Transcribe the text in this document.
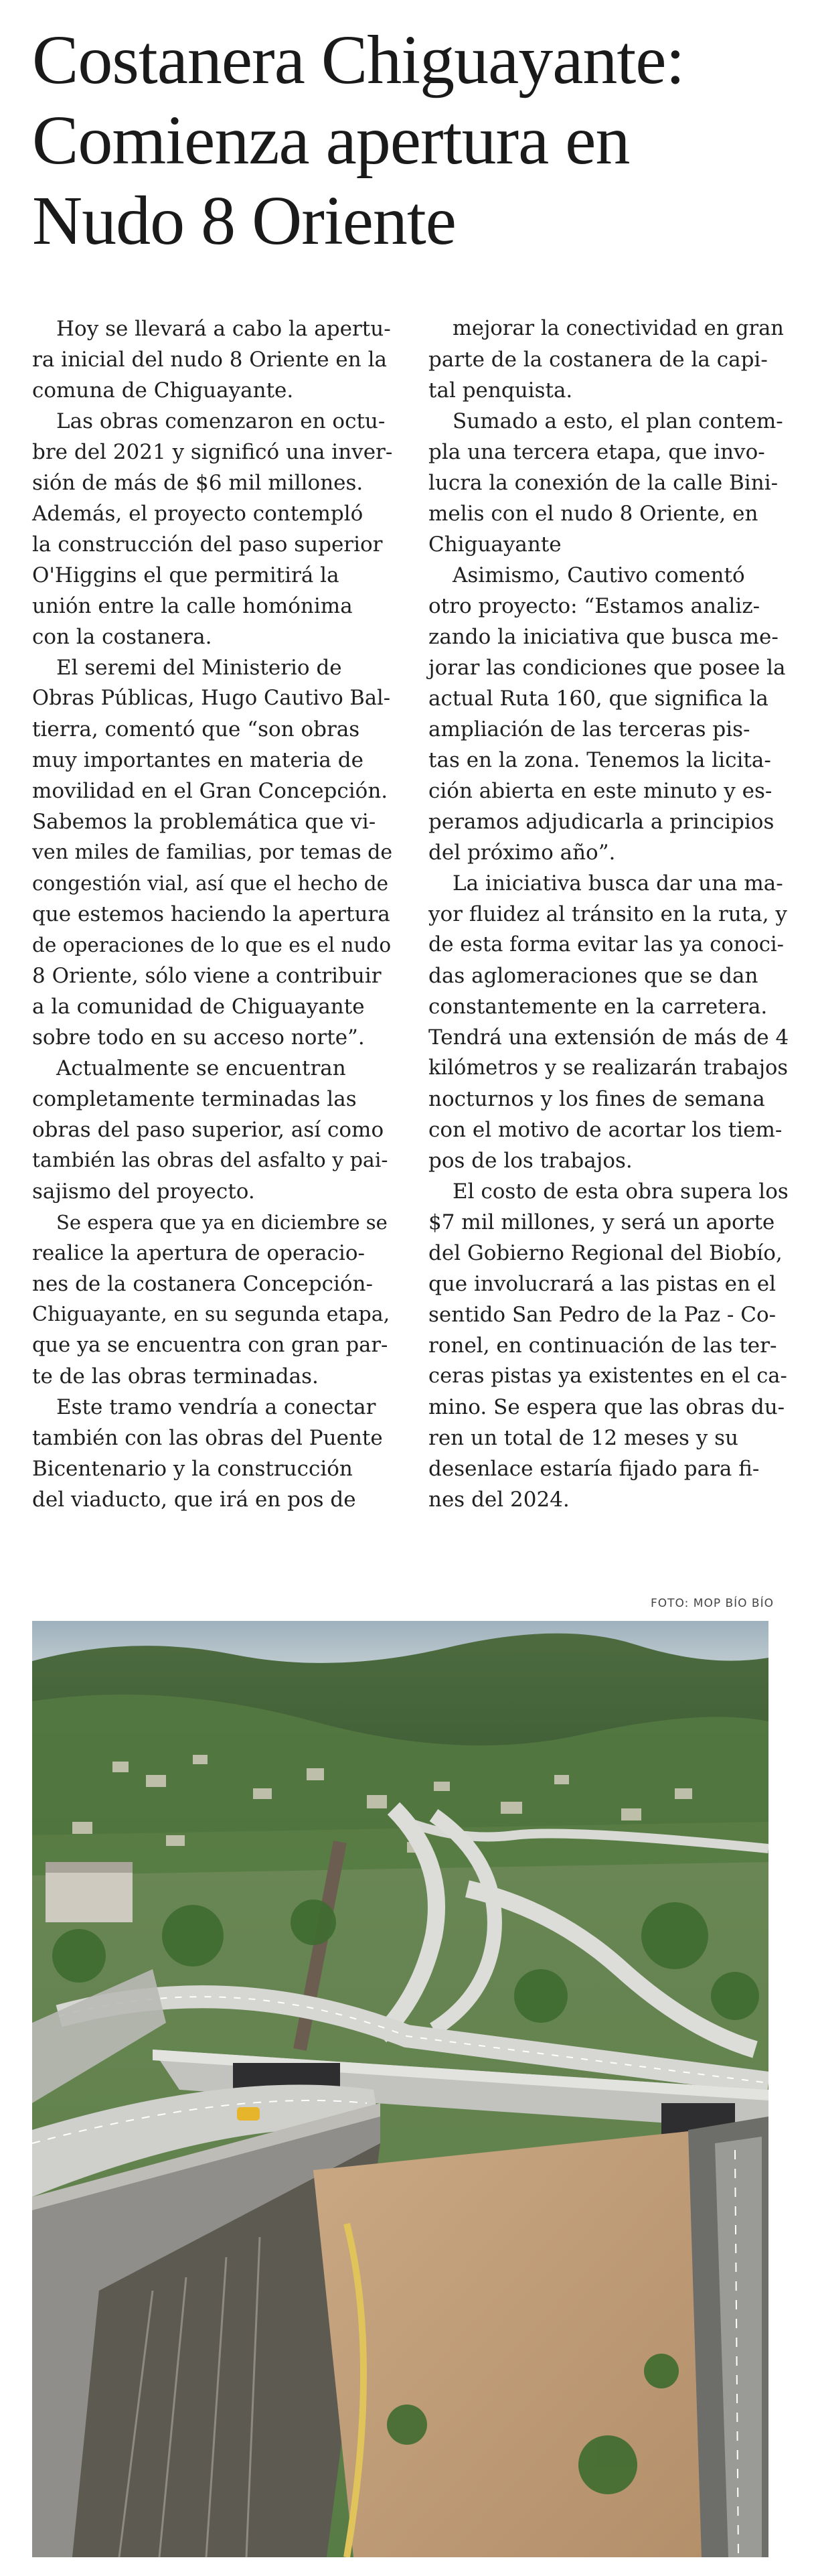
Costanera Chiguayante:
Comienza apertura en
Nudo 8 Oriente

Hoy se llevará a cabo la apertu-
ra inicial del nudo 8 Oriente en la
comuna de Chiguayante.

Las obras comenzaron en octu-
bre del 2021 y significó una inver-
sión de más de $6 mil millones.
Además, el proyecto contempló
la construcción del paso superior
O'Higgins el que permitirá la
unión entre la calle homónima
con la costanera.

El seremi del Ministerio de
Obras Públicas, Hugo Cautivo Bal-
tierra, comentó que “son obras
muy importantes en materia de
movilidad en el Gran Concepción.
Sabemos la problemática que vi-
ven miles de familias, por temas de
congestión vial, así que el hecho de
que estemos haciendo la apertura
de operaciones de lo que es el nudo
8 Oriente, sólo viene a contribuir
a la comunidad de Chiguayante
sobre todo en su acceso norte”.

Actualmente se encuentran
completamente terminadas las
obras del paso superior, así como
también las obras del asfalto y pai-
sajismo del proyecto.

Se espera que ya en diciembre se
realice la apertura de operacio-
nes de la costanera Concepción-
Chiguayante, en su segunda etapa,
que ya se encuentra con gran par-
te de las obras terminadas.

Este tramo vendría a conectar
también con las obras del Puente
Bicentenario y la construcción
del viaducto, que irá en pos de

mejorar la conectividad en gran
parte de la costanera de la capi-
tal penquista.

Sumado a esto, el plan contem-
pla una tercera etapa, que invo-
lucra la conexión de la calle Bini-
melis con el nudo 8 Oriente, en
Chiguayante

Asimismo, Cautivo comentó
otro proyecto: “Estamos analiz-
zando la iniciativa que busca me-
jorar las condiciones que posee la
actual Ruta 160, que significa la
ampliación de las terceras pis-
tas en la zona. Tenemos la licita-
ción abierta en este minuto y es-
peramos adjudicarla a principios
del próximo año”.

La iniciativa busca dar una ma-
yor fluidez al tránsito en la ruta, y
de esta forma evitar las ya conoci-
das aglomeraciones que se dan
constantemente en la carretera.
Tendrá una extensión de más de 4
kilómetros y se realizarán trabajos
nocturnos y los fines de semana
con el motivo de acortar los tiem-
pos de los trabajos.

El costo de esta obra supera los
$7 mil millones, y será un aporte
del Gobierno Regional del Biobío,
que involucrará a las pistas en el
sentido San Pedro de la Paz - Co-
ronel, en continuación de las ter-
ceras pistas ya existentes en el ca-
mino. Se espera que las obras du-
ren un total de 12 meses y su
desenlace estaría fijado para fi-
nes del 2024.

FOTO: MOP BÍO BÍO
